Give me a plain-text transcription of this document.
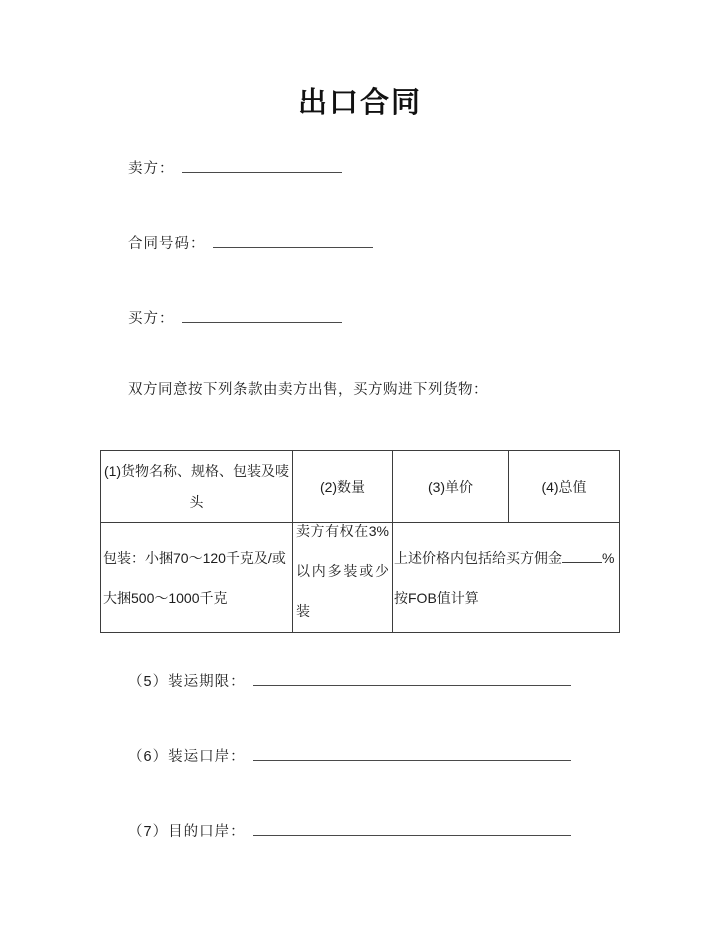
出口合同
卖方：
合同号码：
买方：
双方同意按下列条款由卖方出售，买方购进下列货物：
(1)货物名称、规格、包装及唛头	(2)数量	(3)单价	(4)总值
包装：小捆70～120千克及/或大捆500～1000千克	卖方有权在3%以内多装或少装	上述价格内包括给买方佣金 %
按FOB值计算	
（5）装运期限：
（6）装运口岸：
（7）目的口岸：
